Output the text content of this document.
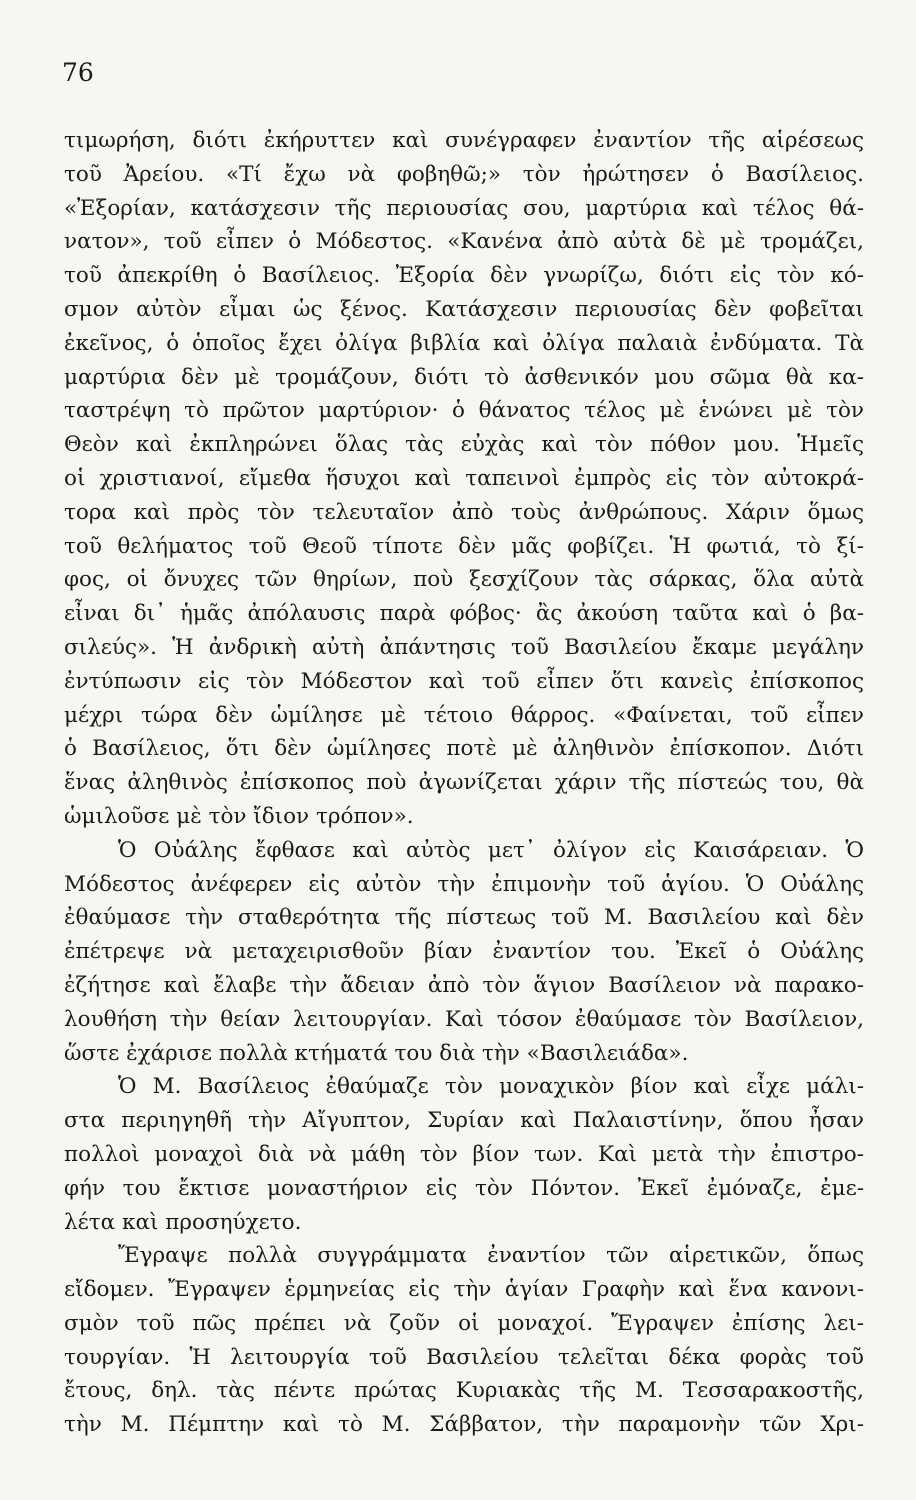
76
τιμωρήση, διότι ἐκήρυττεν καὶ συνέγραφεν ἐναντίον τῆς αἱρέσεως
τοῦ Ἀρείου. «Τί ἔχω νὰ φοβηθῶ;» τὸν ἠρώτησεν ὁ Βασίλειος.
«Ἐξορίαν, κατάσχεσιν τῆς περιουσίας σου, μαρτύρια καὶ τέλος θά-
νατον», τοῦ εἶπεν ὁ Μόδεστος. «Κανένα ἀπὸ αὐτὰ δὲ μὲ τρομάζει,
τοῦ ἀπεκρίθη ὁ Βασίλειος. Ἐξορία δὲν γνωρίζω, διότι εἰς τὸν κό-
σμον αὐτὸν εἶμαι ὡς ξένος. Κατάσχεσιν περιουσίας δὲν φοβεῖται
ἐκεῖνος, ὁ ὁποῖος ἔχει ὀλίγα βιβλία καὶ ὀλίγα παλαιὰ ἐνδύματα. Τὰ
μαρτύρια δὲν μὲ τρομάζουν, διότι τὸ ἀσθενικόν μου σῶμα θὰ κα-
ταστρέψη τὸ πρῶτον μαρτύριον· ὁ θάνατος τέλος μὲ ἑνώνει μὲ τὸν
Θεὸν καὶ ἐκπληρώνει ὅλας τὰς εὐχὰς καὶ τὸν πόθον μου. Ἡμεῖς
οἱ χριστιανοί, εἴμεθα ἥσυχοι καὶ ταπεινοὶ ἐμπρὸς εἰς τὸν αὐτοκρά-
τορα καὶ πρὸς τὸν τελευταῖον ἀπὸ τοὺς ἀνθρώπους. Χάριν ὅμως
τοῦ θελήματος τοῦ Θεοῦ τίποτε δὲν μᾶς φοβίζει. Ἡ φωτιά, τὸ ξί-
φος, οἱ ὄνυχες τῶν θηρίων, ποὺ ξεσχίζουν τὰς σάρκας, ὅλα αὐτὰ
εἶναι δι᾽ ἡμᾶς ἀπόλαυσις παρὰ φόβος· ἂς ἀκούση ταῦτα καὶ ὁ βα-
σιλεύς». Ἡ ἀνδρικὴ αὐτὴ ἀπάντησις τοῦ Βασιλείου ἔκαμε μεγάλην
ἐντύπωσιν εἰς τὸν Μόδεστον καὶ τοῦ εἶπεν ὅτι κανεὶς ἐπίσκοπος
μέχρι τώρα δὲν ὡμίλησε μὲ τέτοιο θάρρος. «Φαίνεται, τοῦ εἶπεν
ὁ Βασίλειος, ὅτι δὲν ὡμίλησες ποτὲ μὲ ἀληθινὸν ἐπίσκοπον. Διότι
ἕνας ἀληθινὸς ἐπίσκοπος ποὺ ἀγωνίζεται χάριν τῆς πίστεώς του, θὰ
ὡμιλοῦσε μὲ τὸν ἴδιον τρόπον».
Ὁ Οὐάλης ἔφθασε καὶ αὐτὸς μετ᾽ ὀλίγον εἰς Καισάρειαν. Ὁ
Μόδεστος ἀνέφερεν εἰς αὐτὸν τὴν ἐπιμονὴν τοῦ ἁγίου. Ὁ Οὐάλης
ἐθαύμασε τὴν σταθερότητα τῆς πίστεως τοῦ Μ. Βασιλείου καὶ δὲν
ἐπέτρεψε νὰ μεταχειρισθοῦν βίαν ἐναντίον του. Ἐκεῖ ὁ Οὐάλης
ἐζήτησε καὶ ἔλαβε τὴν ἄδειαν ἀπὸ τὸν ἅγιον Βασίλειον νὰ παρακο-
λουθήση τὴν θείαν λειτουργίαν. Καὶ τόσον ἐθαύμασε τὸν Βασίλειον,
ὥστε ἐχάρισε πολλὰ κτήματά του διὰ τὴν «Βασιλειάδα».
Ὁ Μ. Βασίλειος ἐθαύμαζε τὸν μοναχικὸν βίον καὶ εἶχε μάλι-
στα περιηγηθῆ τὴν Αἴγυπτον, Συρίαν καὶ Παλαιστίνην, ὅπου ἦσαν
πολλοὶ μοναχοὶ διὰ νὰ μάθη τὸν βίον των. Καὶ μετὰ τὴν ἐπιστρο-
φήν του ἔκτισε μοναστήριον εἰς τὸν Πόντον. Ἐκεῖ ἐμόναζε, ἐμε-
λέτα καὶ προσηύχετο.
Ἔγραψε πολλὰ συγγράμματα ἐναντίον τῶν αἱρετικῶν, ὅπως
εἴδομεν. Ἔγραψεν ἑρμηνείας εἰς τὴν ἁγίαν Γραφὴν καὶ ἕνα κανονι-
σμὸν τοῦ πῶς πρέπει νὰ ζοῦν οἱ μοναχοί. Ἔγραψεν ἐπίσης λει-
τουργίαν. Ἡ λειτουργία τοῦ Βασιλείου τελεῖται δέκα φορὰς τοῦ
ἔτους, δηλ. τὰς πέντε πρώτας Κυριακὰς τῆς Μ. Τεσσαρακοστῆς,
τὴν Μ. Πέμπτην καὶ τὸ Μ. Σάββατον, τὴν παραμονὴν τῶν Χρι-
